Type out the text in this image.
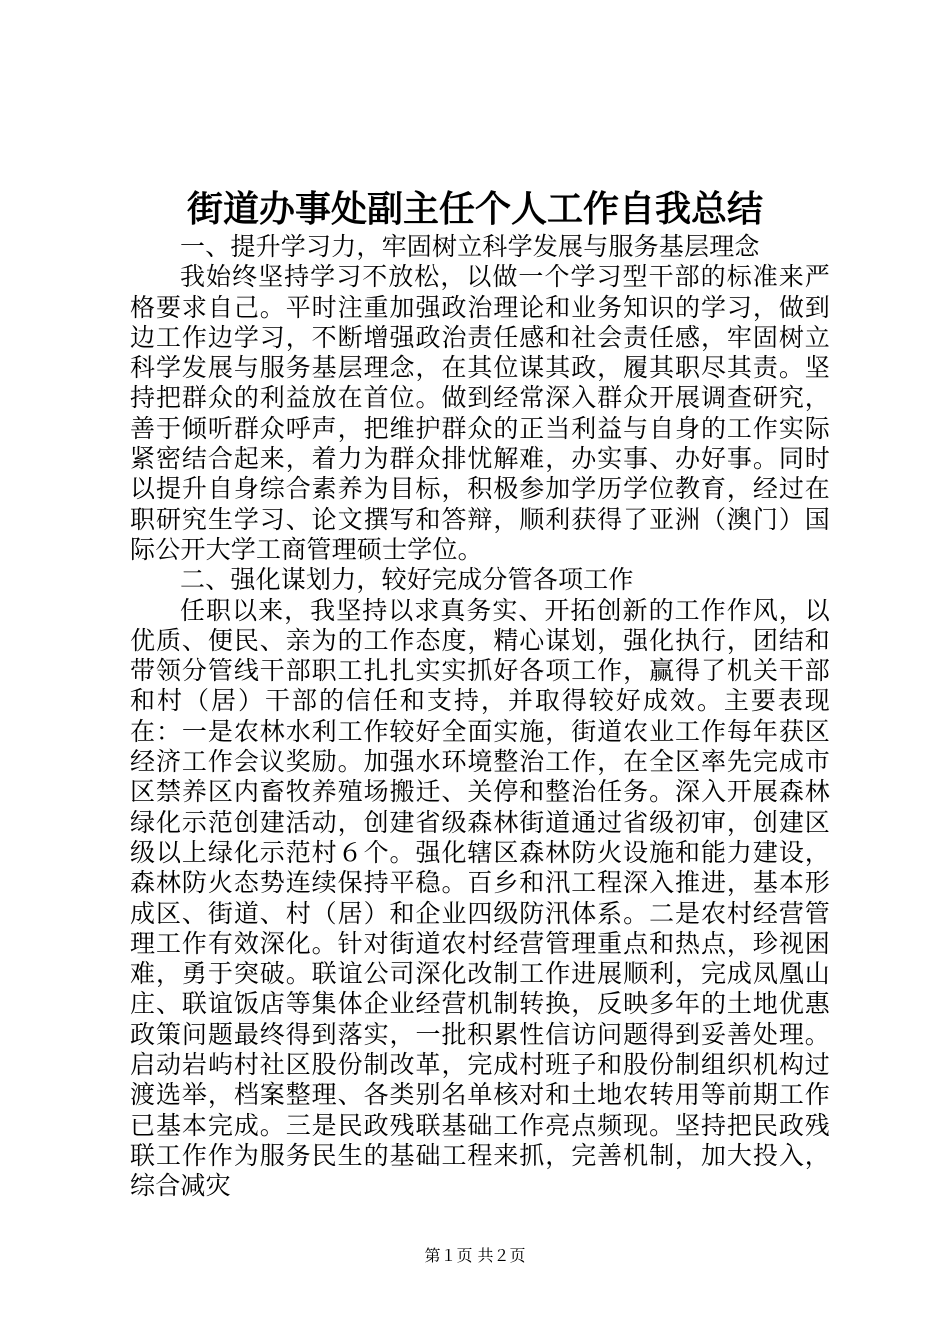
街道办事处副主任个人工作自我总结

一、提升学习力，牢固树立科学发展与服务基层理念

我始终坚持学习不放松，以做一个学习型干部的标准来严格要求自己。平时注重加强政治理论和业务知识的学习，做到边工作边学习，不断增强政治责任感和社会责任感，牢固树立科学发展与服务基层理念，在其位谋其政，履其职尽其责。坚持把群众的利益放在首位。做到经常深入群众开展调查研究，善于倾听群众呼声，把维护群众的正当利益与自身的工作实际紧密结合起来，着力为群众排忧解难，办实事、办好事。同时以提升自身综合素养为目标，积极参加学历学位教育，经过在职研究生学习、论文撰写和答辩，顺利获得了亚洲（澳门）国际公开大学工商管理硕士学位。

二、强化谋划力，较好完成分管各项工作

任职以来，我坚持以求真务实、开拓创新的工作作风，以优质、便民、亲为的工作态度，精心谋划，强化执行，团结和带领分管线干部职工扎扎实实抓好各项工作，赢得了机关干部和村（居）干部的信任和支持，并取得较好成效。主要表现在：一是农林水利工作较好全面实施，街道农业工作每年获区经济工作会议奖励。加强水环境整治工作，在全区率先完成市区禁养区内畜牧养殖场搬迁、关停和整治任务。深入开展森林绿化示范创建活动，创建省级森林街道通过省级初审，创建区级以上绿化示范村６个。强化辖区森林防火设施和能力建设，森林防火态势连续保持平稳。百乡和汛工程深入推进，基本形成区、街道、村（居）和企业四级防汛体系。二是农村经营管理工作有效深化。针对街道农村经营管理重点和热点，珍视困难，勇于突破。联谊公司深化改制工作进展顺利，完成凤凰山庄、联谊饭店等集体企业经营机制转换，反映多年的土地优惠政策问题最终得到落实，一批积累性信访问题得到妥善处理。启动岩屿村社区股份制改革，完成村班子和股份制组织机构过渡选举，档案整理、各类别名单核对和土地农转用等前期工作已基本完成。三是民政残联基础工作亮点频现。坚持把民政残联工作作为服务民生的基础工程来抓，完善机制，加大投入，综合减灾

第１页 共２页
